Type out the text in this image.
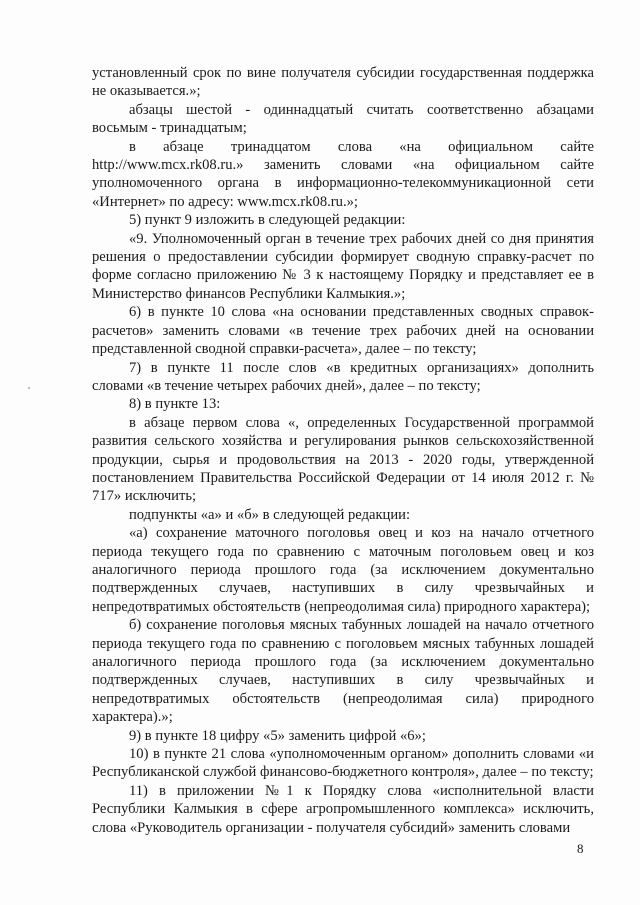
установленный срок по вине получателя субсидии государственная поддержка не оказывается.»;

абзацы шестой - одиннадцатый считать соответственно абзацами восьмым - тринадцатым;

в абзаце тринадцатом слова «на официальном сайте http://www.mcx.rk08.ru.» заменить словами «на официальном сайте уполномоченного органа в информационно-телекоммуникационной сети «Интернет» по адресу: www.mcx.rk08.ru.»;

5) пункт 9 изложить в следующей редакции:

«9. Уполномоченный орган в течение трех рабочих дней со дня принятия решения о предоставлении субсидии формирует сводную справку-расчет по форме согласно приложению № 3 к настоящему Порядку и представляет ее в Министерство финансов Республики Калмыкия.»;

6) в пункте 10 слова «на основании представленных сводных справок-расчетов» заменить словами «в течение трех рабочих дней на основании представленной сводной справки-расчета», далее – по тексту;

7) в пункте 11 после слов «в кредитных организациях» дополнить словами «в течение четырех рабочих дней», далее – по тексту;

8) в пункте 13:

в абзаце первом слова «, определенных Государственной программой развития сельского хозяйства и регулирования рынков сельскохозяйственной продукции, сырья и продовольствия на 2013 - 2020 годы, утвержденной постановлением Правительства Российской Федерации от 14 июля 2012 г. № 717» исключить;

подпункты «а» и «б» в следующей редакции:

«а) сохранение маточного поголовья овец и коз на начало отчетного периода текущего года по сравнению с маточным поголовьем овец и коз аналогичного периода прошлого года (за исключением документально подтвержденных случаев, наступивших в силу чрезвычайных и непредотвратимых обстоятельств (непреодолимая сила) природного характера);

б) сохранение поголовья мясных табунных лошадей на начало отчетного периода текущего года по сравнению с поголовьем мясных табунных лошадей аналогичного периода прошлого года (за исключением документально подтвержденных случаев, наступивших в силу чрезвычайных и непредотвратимых обстоятельств (непреодолимая сила) природного характера).»;

9) в пункте 18 цифру «5» заменить цифрой «6»;

10) в пункте 21 слова «уполномоченным органом» дополнить словами «и Республиканской службой финансово-бюджетного контроля», далее – по тексту;

11) в приложении №1 к Порядку слова «исполнительной власти Республики Калмыкия в сфере агропромышленного комплекса» исключить, слова «Руководитель организации - получателя субсидий» заменить словами

8
